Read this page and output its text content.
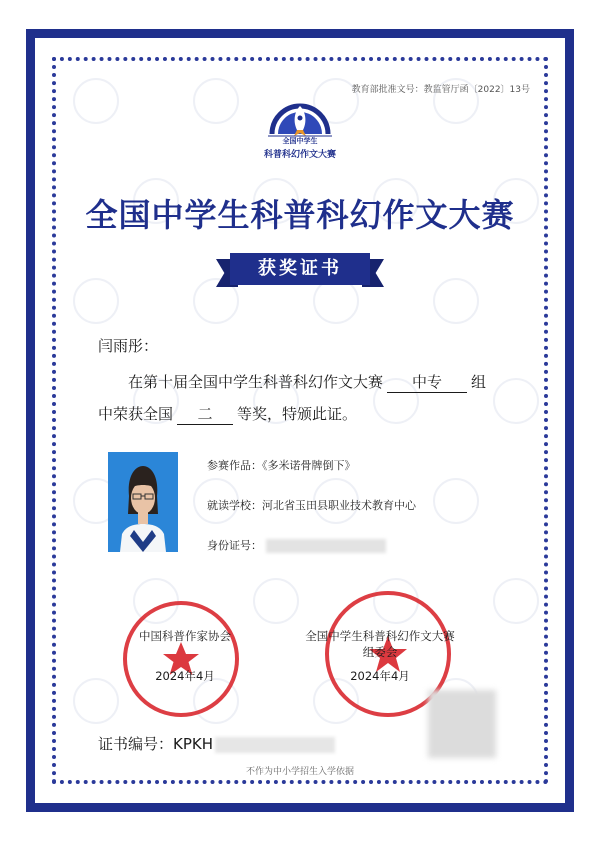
教育部批准文号：教监管厅函〔2022〕13号
全国中学生
科普科幻作文大赛
全国中学生科普科幻作文大赛
获奖证书
闫雨彤：
在第十届全国中学生科普科幻作文大赛 中专 组
中荣获全国 二 等奖，特颁此证。
参赛作品：《多米诺骨牌倒下》
就读学校：河北省玉田县职业技术教育中心
身份证号：
中国科普作家协会
2024年4月
全国中学生科普科幻作文大赛
组委会
2024年4月
证书编号：KPKH
不作为中小学招生入学依据
